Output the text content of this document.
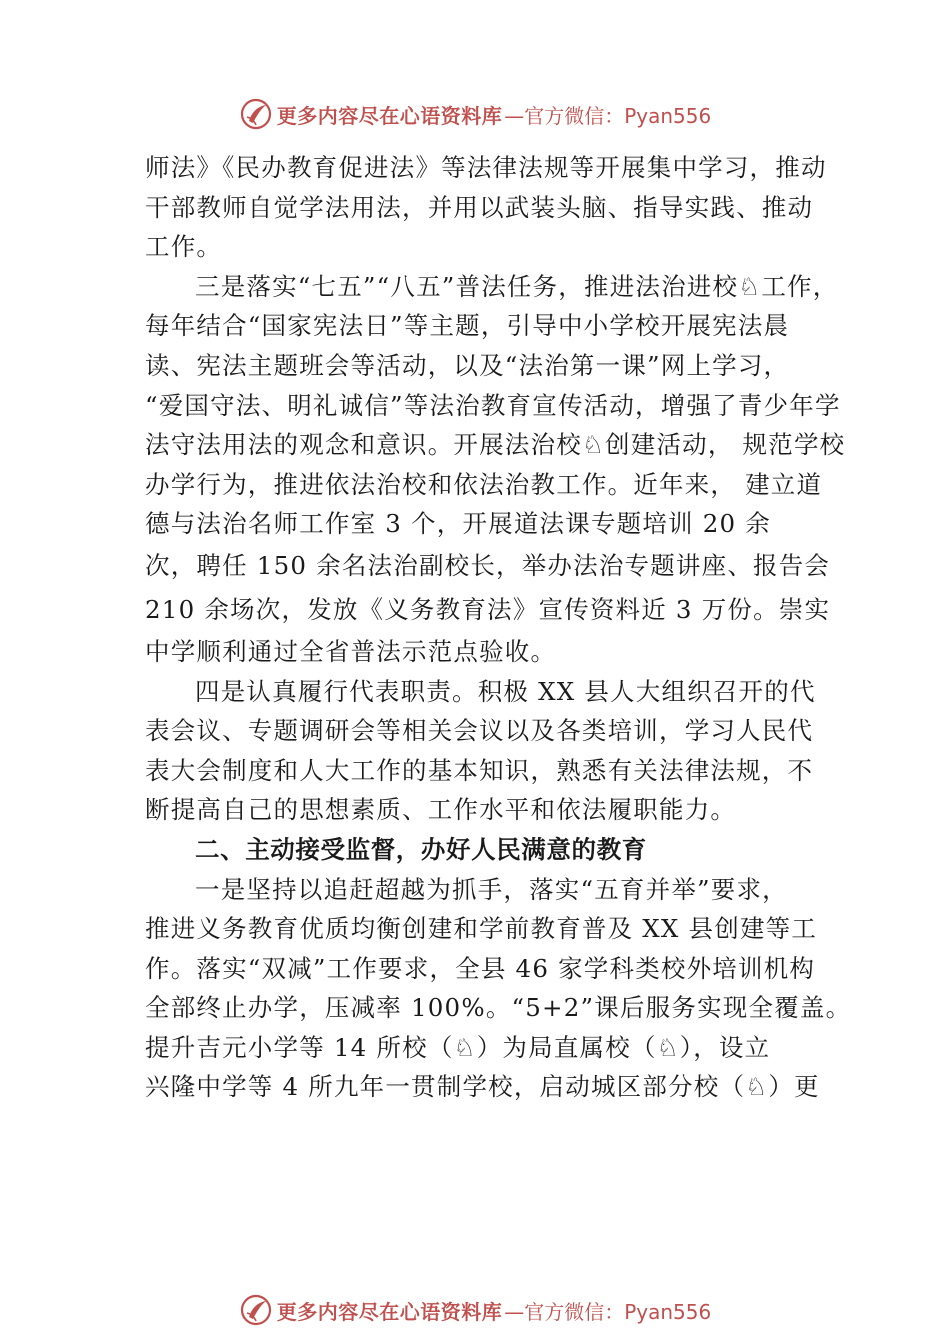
更多内容尽在心语资料库 —官方微信：Pyan556
师法》《民办教育促进法》等法律法规等开展集中学习，推动
干部教师自觉学法用法，并用以武装头脑、指导实践、推动
工作。
三是落实“七五”“八五”普法任务，推进法治进校♘工作，
每年结合“国家宪法日”等主题，引导中小学校开展宪法晨
读、宪法主题班会等活动，以及“法治第一课”网上学习，
“爱国守法、明礼诚信”等法治教育宣传活动，增强了青少年学
法守法用法的观念和意识。开展法治校♘创建活动， 规范学校
办学行为，推进依法治校和依法治教工作。近年来， 建立道
德与法治名师工作室 3 个，开展道法课专题培训 20 余
次，聘任 150 余名法治副校长，举办法治专题讲座、报告会
210 余场次，发放《义务教育法》宣传资料近 3 万份。崇实
中学顺利通过全省普法示范点验收。
四是认真履行代表职责。积极 XX 县人大组织召开的代
表会议、专题调研会等相关会议以及各类培训，学习人民代
表大会制度和人大工作的基本知识，熟悉有关法律法规，不
断提高自己的思想素质、工作水平和依法履职能力。
二、主动接受监督，办好人民满意的教育
一是坚持以追赶超越为抓手，落实“五育并举”要求，
推进义务教育优质均衡创建和学前教育普及 XX 县创建等工
作。落实“双减”工作要求，全县 46 家学科类校外培训机构
全部终止办学，压减率 100%。“5+2”课后服务实现全覆盖。
提升吉元小学等 14 所校（♘）为局直属校（♘），设立
兴隆中学等 4 所九年一贯制学校，启动城区部分校（♘）更
更多内容尽在心语资料库 —官方微信：Pyan556
